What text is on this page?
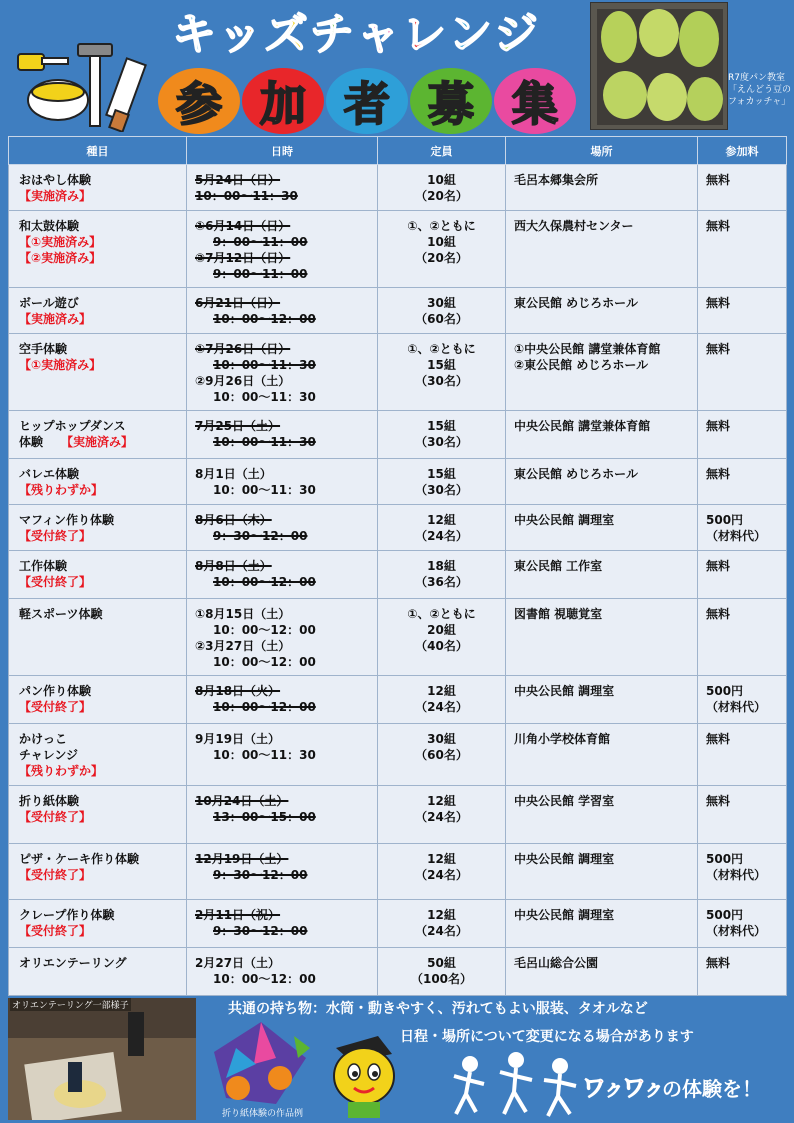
キ ッ ズ チ ャ レ ン ジ
参 加 者 募 集	R7度パン教室「えんどう豆のフォカッチャ」
種目	日時	定員	場所	参加料

おはやし体験
【実施済み】	5月24日（日）
10：00～11：30	10組
（20名）	毛呂本郷集会所	無料

和太鼓体験
【①実施済み】
【②実施済み】	①6月14日（日）
9：00～11：00
②7月12日（日）
9：00～11：00	①、②ともに
10組
（20名）	西大久保農村センター	無料

ボール遊び
【実施済み】	6月21日（日）
10：00～12：00	30組
（60名）	東公民館 めじろホール	無料

空手体験
【①実施済み】	①7月26日（日）
10：00～11：30
②9月26日（土）
10：00～11：30	①、②ともに
15組
（30名）	①中央公民館 講堂兼体育館
②東公民館 めじろホール	無料

ヒップホップダンス
体験 【実施済み】	7月25日（土）
10：00～11：30	15組
（30名）	中央公民館 講堂兼体育館	無料

バレエ体験
【残りわずか】	8月1日（土）
10：00～11：30	15組
（30名）	東公民館 めじろホール	無料

マフィン作り体験
【受付終了】	8月6日（木）
9：30～12：00	12組
（24名）	中央公民館 調理室	500円
（材料代）

工作体験
【受付終了】	8月8日（土）
10：00～12：00	18組
（36名）	東公民館 工作室	無料

軽スポーツ体験	①8月15日（土）
10：00～12：00
②3月27日（土）
10：00～12：00	①、②ともに
20組
（40名）	図書館 視聴覚室	無料

パン作り体験
【受付終了】	8月18日（火）
10：00～12：00	12組
（24名）	中央公民館 調理室	500円
（材料代）

かけっこ
チャレンジ
【残りわずか】	9月19日（土）
10：00～11：30	30組
（60名）	川角小学校体育館	無料

折り紙体験
【受付終了】	10月24日（土）
13：00～15：00	12組
（24名）	中央公民館 学習室	無料

ピザ・ケーキ作り体験
【受付終了】	12月19日（土）
9：30～12：00	12組
（24名）	中央公民館 調理室	500円
（材料代）

クレープ作り体験
【受付終了】	2月11日（祝）
9：30～12：00	12組
（24名）	中央公民館 調理室	500円
（材料代）

オリエンテーリング	2月27日（土）
10：00～12：00	50組
（100名）	毛呂山総合公園	無料
オリエンテーリング一部様子	共通の持ち物：水筒・動きやすく、汚れてもよい服装、タオルなど
日程・場所について変更になる場合があります
折り紙体験の作品例
ワクワクの体験を！
